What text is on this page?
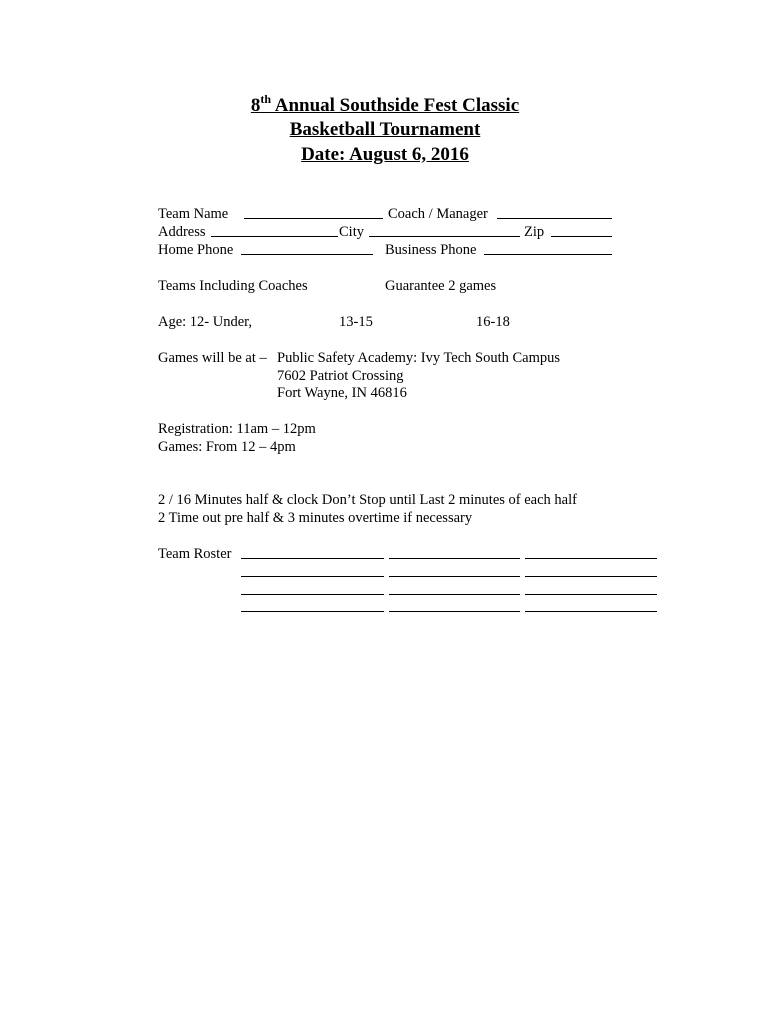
8th Annual Southside Fest Classic
Basketball Tournament
Date: August 6, 2016
Team Name	Coach / Manager
Address	City	Zip
Home Phone	Business Phone
Teams Including Coaches	Guarantee 2 games
Age: 12- Under,	13-15	16-18
Games will be at – Public Safety Academy: Ivy Tech South Campus
7602 Patriot Crossing
Fort Wayne, IN 46816
Registration: 11am – 12pm
Games: From 12 – 4pm
2 / 16 Minutes half & clock Don’t Stop until Last 2 minutes of each half
2 Time out pre half & 3 minutes overtime if necessary
Team Roster
